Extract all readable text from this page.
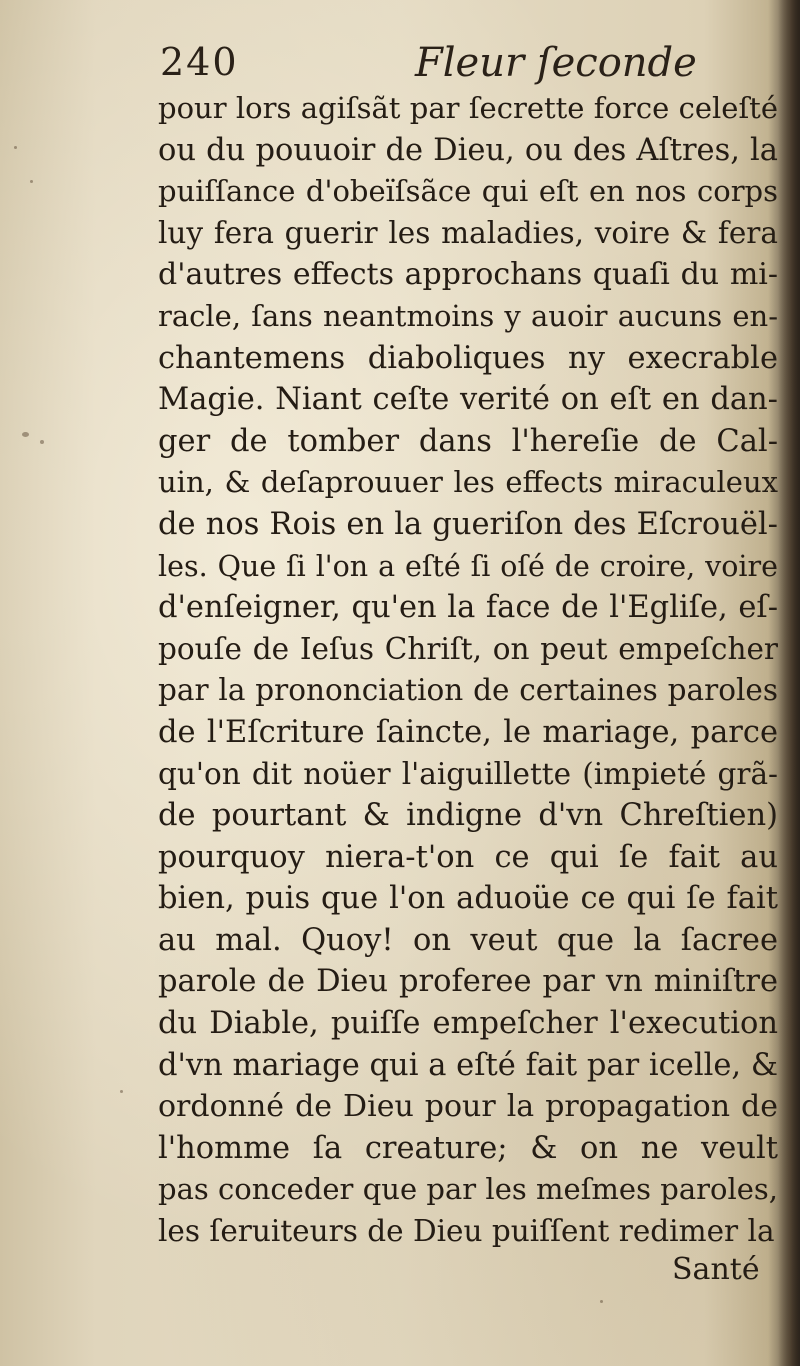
240	Fleur ſeconde
pour lors agiſsãt par ſecrette force celeſté
ou du pouuoir de Dieu, ou des Aſtres, la
puiſſance d'obeïſsãce qui eſt en nos corps
luy fera guerir les maladies, voire & fera
d'autres effects approchans quaſi du mi-
racle, ſans neantmoins y auoir aucuns en-
chantemens diaboliques ny execrable
Magie. Niant ceſte verité on eſt en dan-
ger de tomber dans l'hereſie de Cal-
uin, & deſaprouuer les effects miraculeux
de nos Rois en la gueriſon des Eſcrouël-
les. Que ſi l'on a eſté ſi oſé de croire, voire
d'enſeigner, qu'en la face de l'Egliſe, eſ-
pouſe de Ieſus Chriſt, on peut empeſcher
par la prononciation de certaines paroles
de l'Eſcriture ſaincte, le mariage, parce
qu'on dit noüer l'aiguillette (impieté grã-
de pourtant & indigne d'vn Chreſtien)
pourquoy niera-t'on ce qui ſe fait au
bien, puis que l'on aduoüe ce qui ſe fait
au mal. Quoy! on veut que la ſacree
parole de Dieu proferee par vn miniſtre
du Diable, puiſſe empeſcher l'execution
d'vn mariage qui a eſté fait par icelle, &
ordonné de Dieu pour la propagation de
l'homme ſa creature; & on ne veult
pas conceder que par les meſmes paroles,
les ſeruiteurs de Dieu puiſſent redimer la
Santé
